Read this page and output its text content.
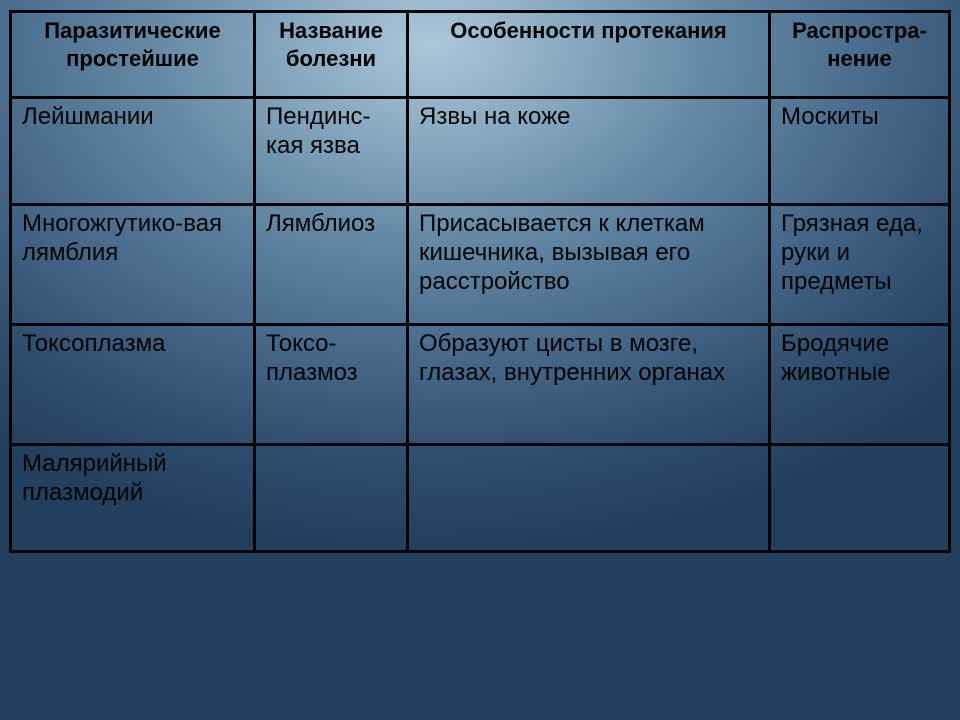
Паразитические простейшие	Название болезни	Особенности протекания	Распростра-нение

Лейшмании	Пендинс-кая язва	Язвы на коже	Москиты

Многожгутико-вая лямблия	Лямблиоз	Присасывается к клеткам кишечника, вызывая его расстройство	Грязная еда, руки и предметы

Токсоплазма	Токсо-плазмоз	Образуют цисты в мозге, глазах, внутренних органах	Бродячие животные

Малярийный плазмодий			
